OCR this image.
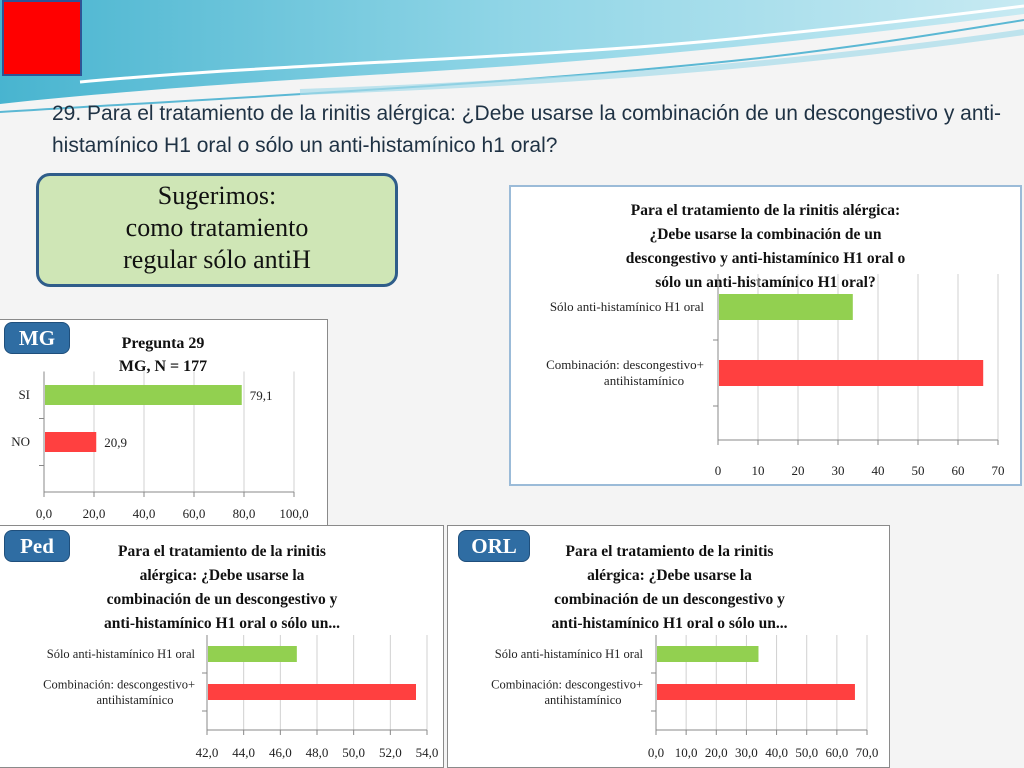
29. Para el tratamiento de la rinitis alérgica: ¿Debe usarse la combinación de un descongestivo y anti-histamínico H1 oral o sólo un anti-histamínico h1 oral?
Sugerimos:
como tratamiento
regular sólo antiH
Para el tratamiento de la rinitis alérgica:
¿Debe usarse la combinación de un
descongestivo y anti-histamínico H1 oral o
sólo un anti-histamínico H1 oral?
0 10 20 30 40 50 60 70
Sólo anti-histamínico H1 oral
Combinación: descongestivo+
antihistamínico
Pregunta 29
MG, N = 177
0,0 20,0 40,0 60,0 80,0 100,0
SI	79,1
NO	20,9
MG
Para el tratamiento de la rinitis
alérgica: ¿Debe usarse la
combinación de un descongestivo y
anti-histamínico H1 oral o sólo un...
42,0 44,0 46,0 48,0 50,0 52,0 54,0
Sólo anti-histamínico H1 oral
Combinación: descongestivo+
antihistamínico
Ped	Para el tratamiento de la rinitis
alérgica: ¿Debe usarse la
combinación de un descongestivo y
anti-histamínico H1 oral o sólo un...
0,0 10,0 20,0 30,0 40,0 50,0 60,0 70,0
Sólo anti-histamínico H1 oral
Combinación: descongestivo+
antihistamínico
ORL
